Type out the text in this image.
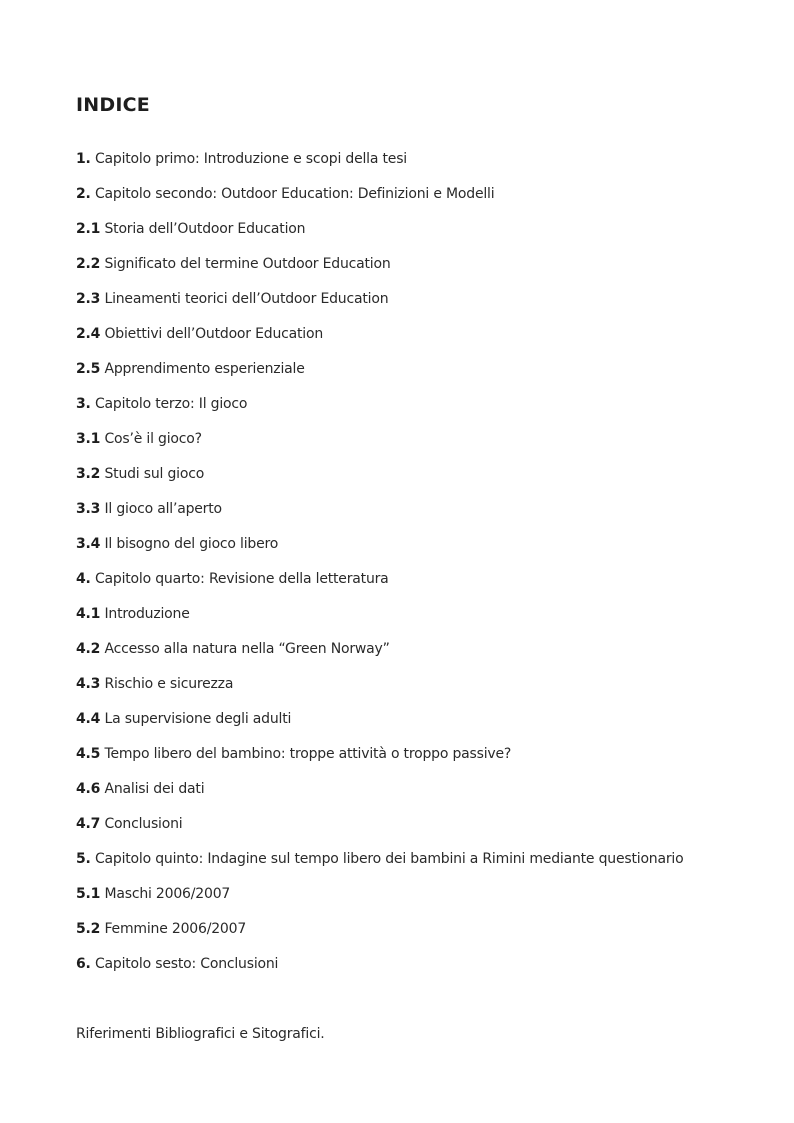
INDICE
1. Capitolo primo: Introduzione e scopi della tesi
2. Capitolo secondo: Outdoor Education: Definizioni e Modelli
2.1 Storia dell’Outdoor Education
2.2 Significato del termine Outdoor Education
2.3 Lineamenti teorici dell’Outdoor Education
2.4 Obiettivi dell’Outdoor Education
2.5 Apprendimento esperienziale
3. Capitolo terzo: Il gioco
3.1 Cos’è il gioco?
3.2 Studi sul gioco
3.3 Il gioco all’aperto
3.4 Il bisogno del gioco libero
4. Capitolo quarto: Revisione della letteratura
4.1 Introduzione
4.2 Accesso alla natura nella “Green Norway”
4.3 Rischio e sicurezza
4.4 La supervisione degli adulti
4.5 Tempo libero del bambino: troppe attività o troppo passive?
4.6 Analisi dei dati
4.7 Conclusioni
5. Capitolo quinto: Indagine sul tempo libero dei bambini a Rimini mediante questionario
5.1 Maschi 2006/2007
5.2 Femmine 2006/2007
6. Capitolo sesto: Conclusioni

Riferimenti Bibliografici e Sitografici.
